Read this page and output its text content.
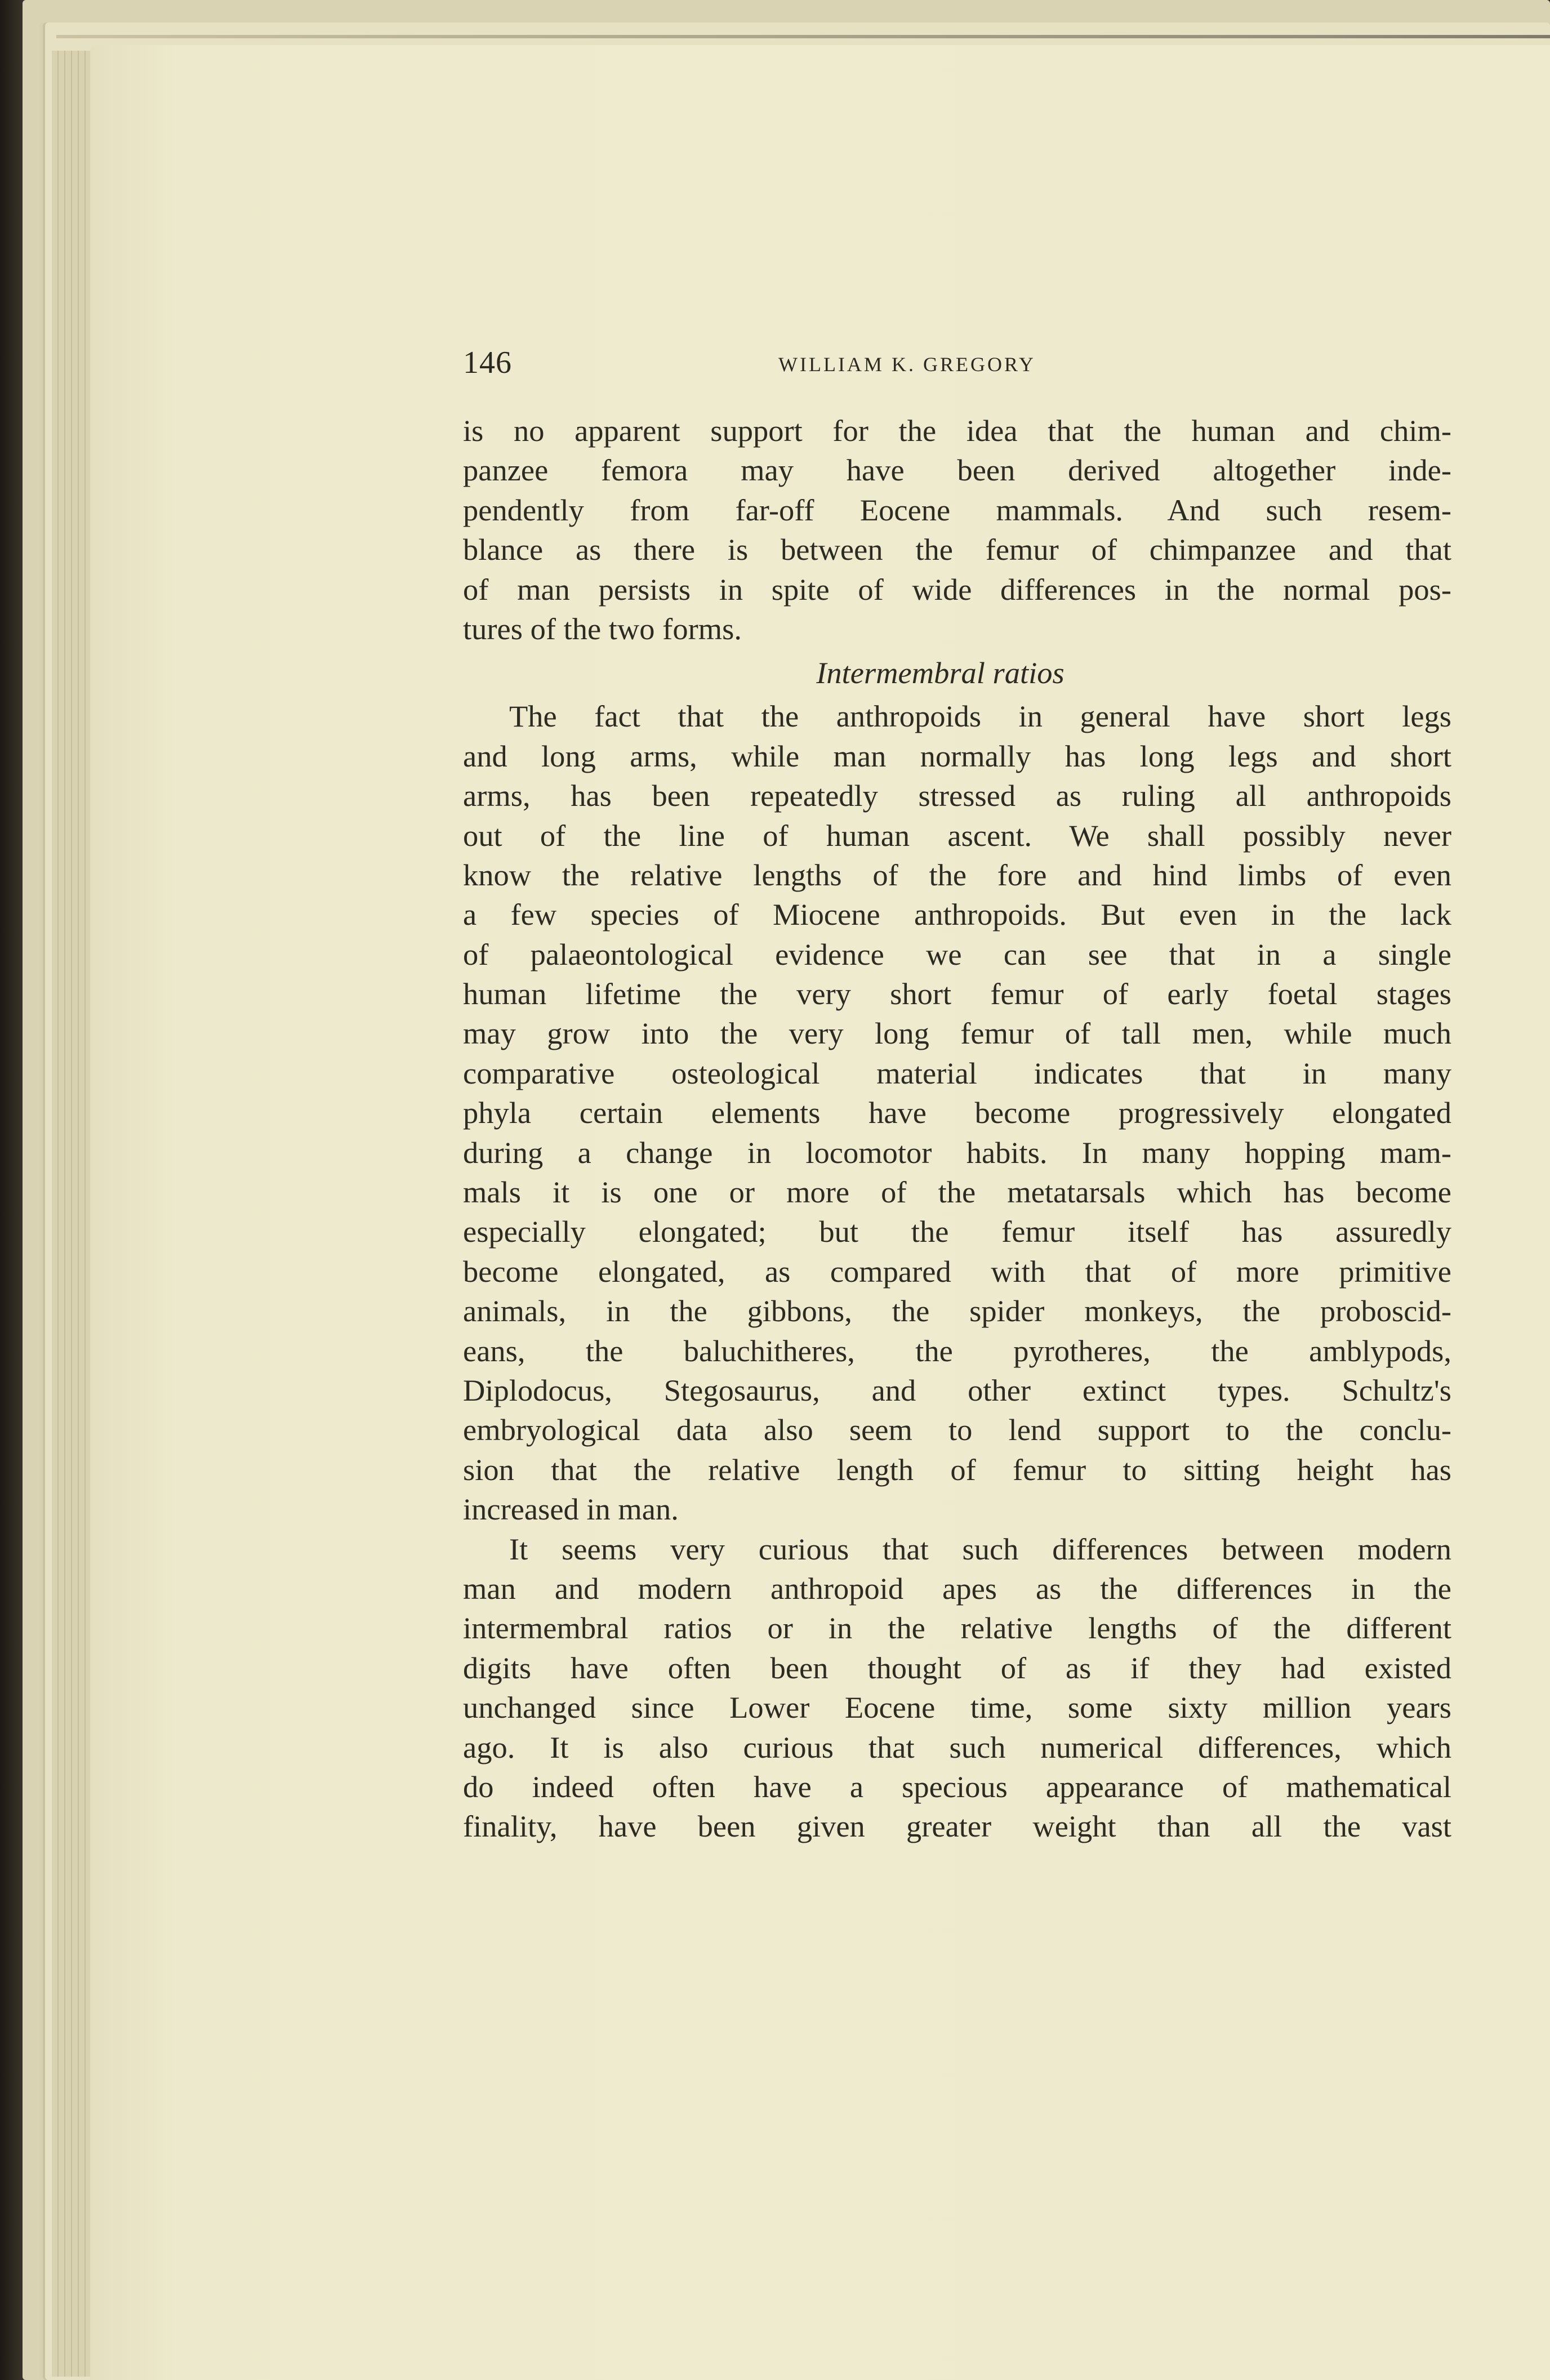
146	WILLIAM K. GREGORY
is no apparent support for the idea that the human and chim-
panzee femora may have been derived altogether inde-
pendently from far-off Eocene mammals. And such resem-
blance as there is between the femur of chimpanzee and that
of man persists in spite of wide differences in the normal pos-
tures of the two forms.
Intermembral ratios
The fact that the anthropoids in general have short legs
and long arms, while man normally has long legs and short
arms, has been repeatedly stressed as ruling all anthropoids
out of the line of human ascent. We shall possibly never
know the relative lengths of the fore and hind limbs of even
a few species of Miocene anthropoids. But even in the lack
of palaeontological evidence we can see that in a single
human lifetime the very short femur of early foetal stages
may grow into the very long femur of tall men, while much
comparative osteological material indicates that in many
phyla certain elements have become progressively elongated
during a change in locomotor habits. In many hopping mam-
mals it is one or more of the metatarsals which has become
especially elongated; but the femur itself has assuredly
become elongated, as compared with that of more primitive
animals, in the gibbons, the spider monkeys, the proboscid-
eans, the baluchitheres, the pyrotheres, the amblypods,
Diplodocus, Stegosaurus, and other extinct types. Schultz's
embryological data also seem to lend support to the conclu-
sion that the relative length of femur to sitting height has
increased in man.
It seems very curious that such differences between modern
man and modern anthropoid apes as the differences in the
intermembral ratios or in the relative lengths of the different
digits have often been thought of as if they had existed
unchanged since Lower Eocene time, some sixty million years
ago. It is also curious that such numerical differences, which
do indeed often have a specious appearance of mathematical
finality, have been given greater weight than all the vast
